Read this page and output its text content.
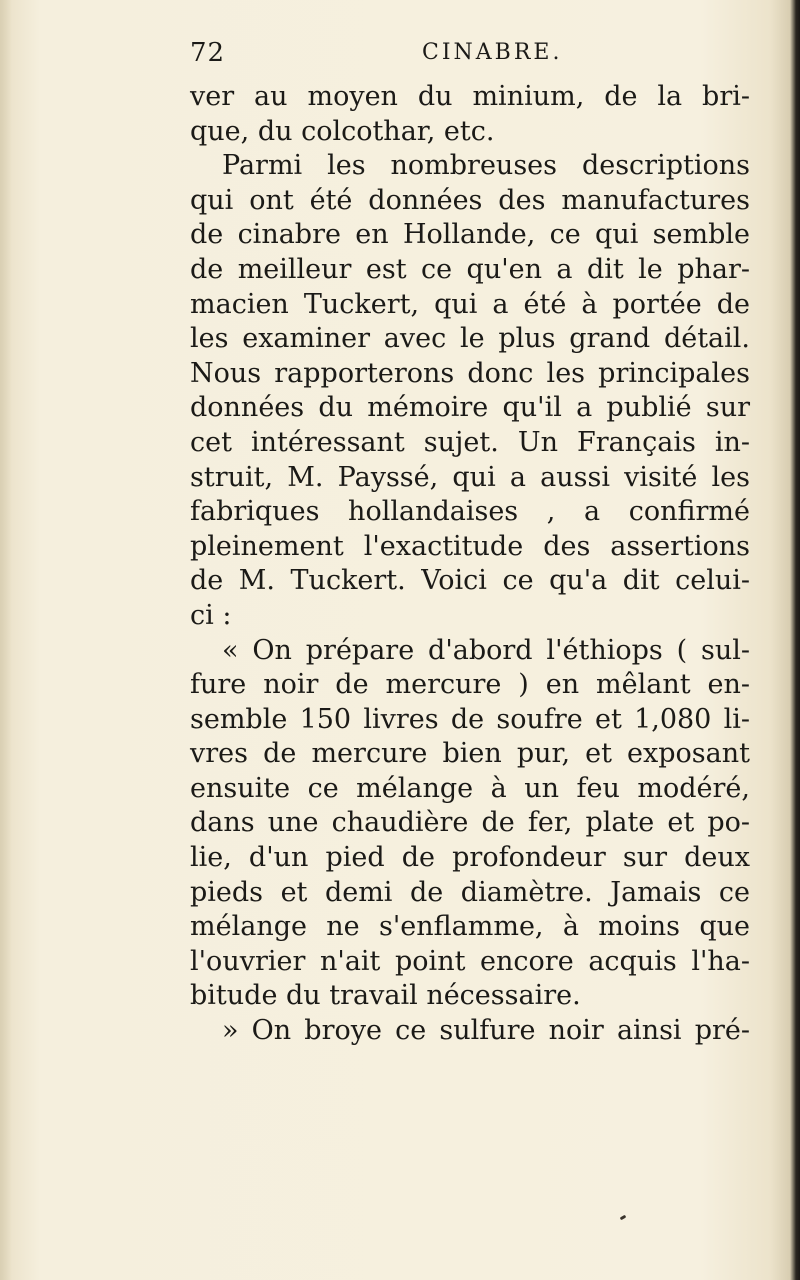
72	CINABRE.
ver au moyen du minium, de la bri-
que, du colcothar, etc.
Parmi les nombreuses descriptions
qui ont été données des manufactures
de cinabre en Hollande, ce qui semble
de meilleur est ce qu'en a dit le phar-
macien Tuckert, qui a été à portée de
les examiner avec le plus grand détail.
Nous rapporterons donc les principales
données du mémoire qu'il a publié sur
cet intéressant sujet. Un Français in-
struit, M. Payssé, qui a aussi visité les
fabriques hollandaises , a confirmé
pleinement l'exactitude des assertions
de M. Tuckert. Voici ce qu'a dit celui-
ci :
« On prépare d'abord l'éthiops ( sul-
fure noir de mercure ) en mêlant en-
semble 150 livres de soufre et 1,080 li-
vres de mercure bien pur, et exposant
ensuite ce mélange à un feu modéré,
dans une chaudière de fer, plate et po-
lie, d'un pied de profondeur sur deux
pieds et demi de diamètre. Jamais ce
mélange ne s'enflamme, à moins que
l'ouvrier n'ait point encore acquis l'ha-
bitude du travail nécessaire.
» On broye ce sulfure noir ainsi pré-
